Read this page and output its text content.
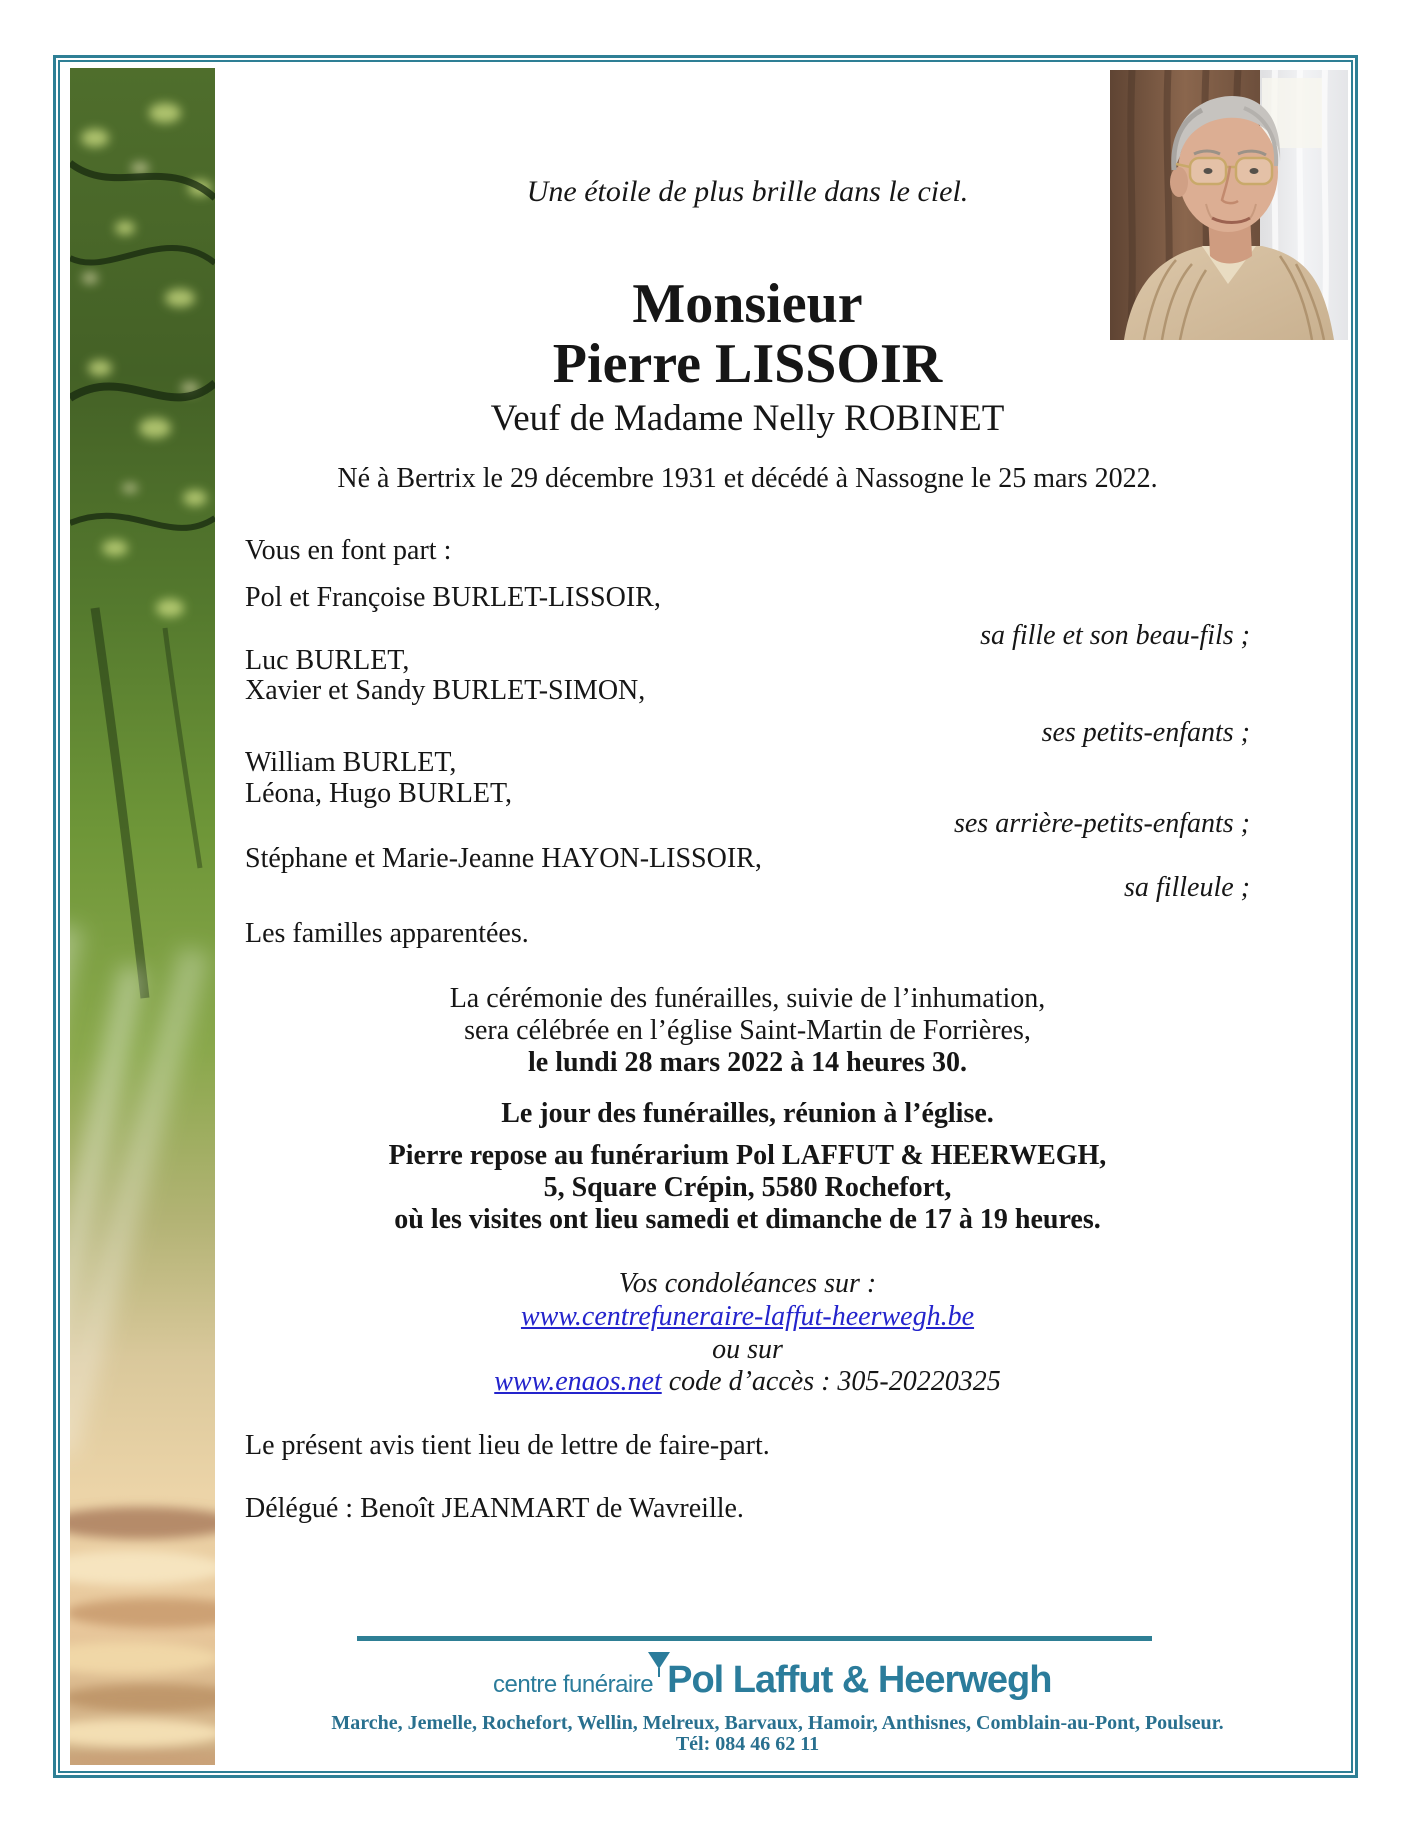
Une étoile de plus brille dans le ciel.
Monsieur
Pierre LISSOIR
Veuf de Madame Nelly ROBINET
Né à Bertrix le 29 décembre 1931 et décédé à Nassogne le 25 mars 2022.
Vous en font part :
Pol et Françoise BURLET-LISSOIR,
sa fille et son beau-fils ;
Luc BURLET,
Xavier et Sandy BURLET-SIMON,
ses petits-enfants ;
William BURLET,
Léona, Hugo BURLET,
ses arrière-petits-enfants ;
Stéphane et Marie-Jeanne HAYON-LISSOIR,
sa filleule ;
Les familles apparentées.
La cérémonie des funérailles, suivie de l’inhumation,
sera célébrée en l’église Saint-Martin de Forrières,
le lundi 28 mars 2022 à 14 heures 30.
Le jour des funérailles, réunion à l’église.
Pierre repose au funérarium Pol LAFFUT & HEERWEGH,
5, Square Crépin, 5580 Rochefort,
où les visites ont lieu samedi et dimanche de 17 à 19 heures.
Vos condoléances sur :
www.centrefuneraire-laffut-heerwegh.be
ou sur
www.enaos.net code d’accès : 305-20220325
Le présent avis tient lieu de lettre de faire-part.
Délégué : Benoît JEANMART de Wavreille.
centre funéraire Pol Laffut & Heerwegh
Marche, Jemelle, Rochefort, Wellin, Melreux, Barvaux, Hamoir, Anthisnes, Comblain-au-Pont, Poulseur.
Tél: 084 46 62 11
